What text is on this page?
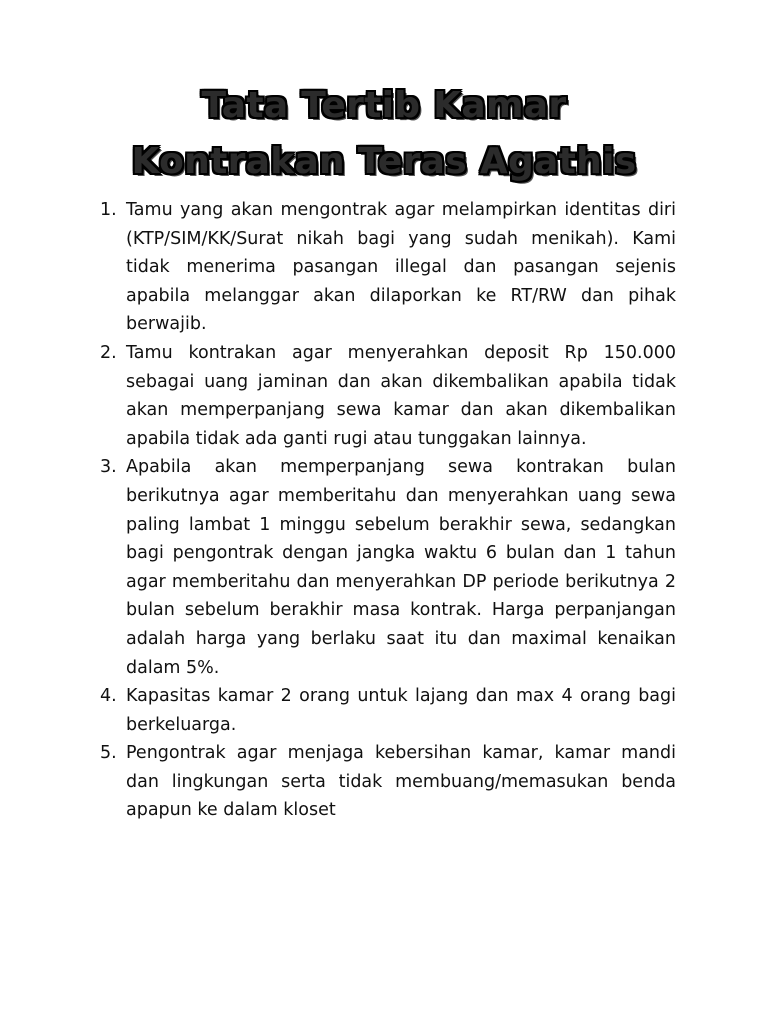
Tata Tertib Kamar
Kontrakan Teras Agathis
1. Tamu yang akan mengontrak agar melampirkan identitas diri (KTP/SIM/KK/Surat nikah bagi yang sudah menikah). Kami tidak menerima pasangan illegal dan pasangan sejenis apabila melanggar akan dilaporkan ke RT/RW dan pihak berwajib.
2. Tamu kontrakan agar menyerahkan deposit Rp 150.000 sebagai uang jaminan dan akan dikembalikan apabila tidak akan memperpanjang sewa kamar dan akan dikembalikan apabila tidak ada ganti rugi atau tunggakan lainnya.
3. Apabila akan memperpanjang sewa kontrakan bulan berikutnya agar memberitahu dan menyerahkan uang sewa paling lambat 1 minggu sebelum berakhir sewa, sedangkan bagi pengontrak dengan jangka waktu 6 bulan dan 1 tahun agar memberitahu dan menyerahkan DP periode berikutnya 2 bulan sebelum berakhir masa kontrak. Harga perpanjangan adalah harga yang berlaku saat itu dan maximal kenaikan dalam 5%.
4. Kapasitas kamar 2 orang untuk lajang dan max 4 orang bagi berkeluarga.
5. Pengontrak agar menjaga kebersihan kamar, kamar mandi dan lingkungan serta tidak membuang/memasukan benda apapun ke dalam kloset
